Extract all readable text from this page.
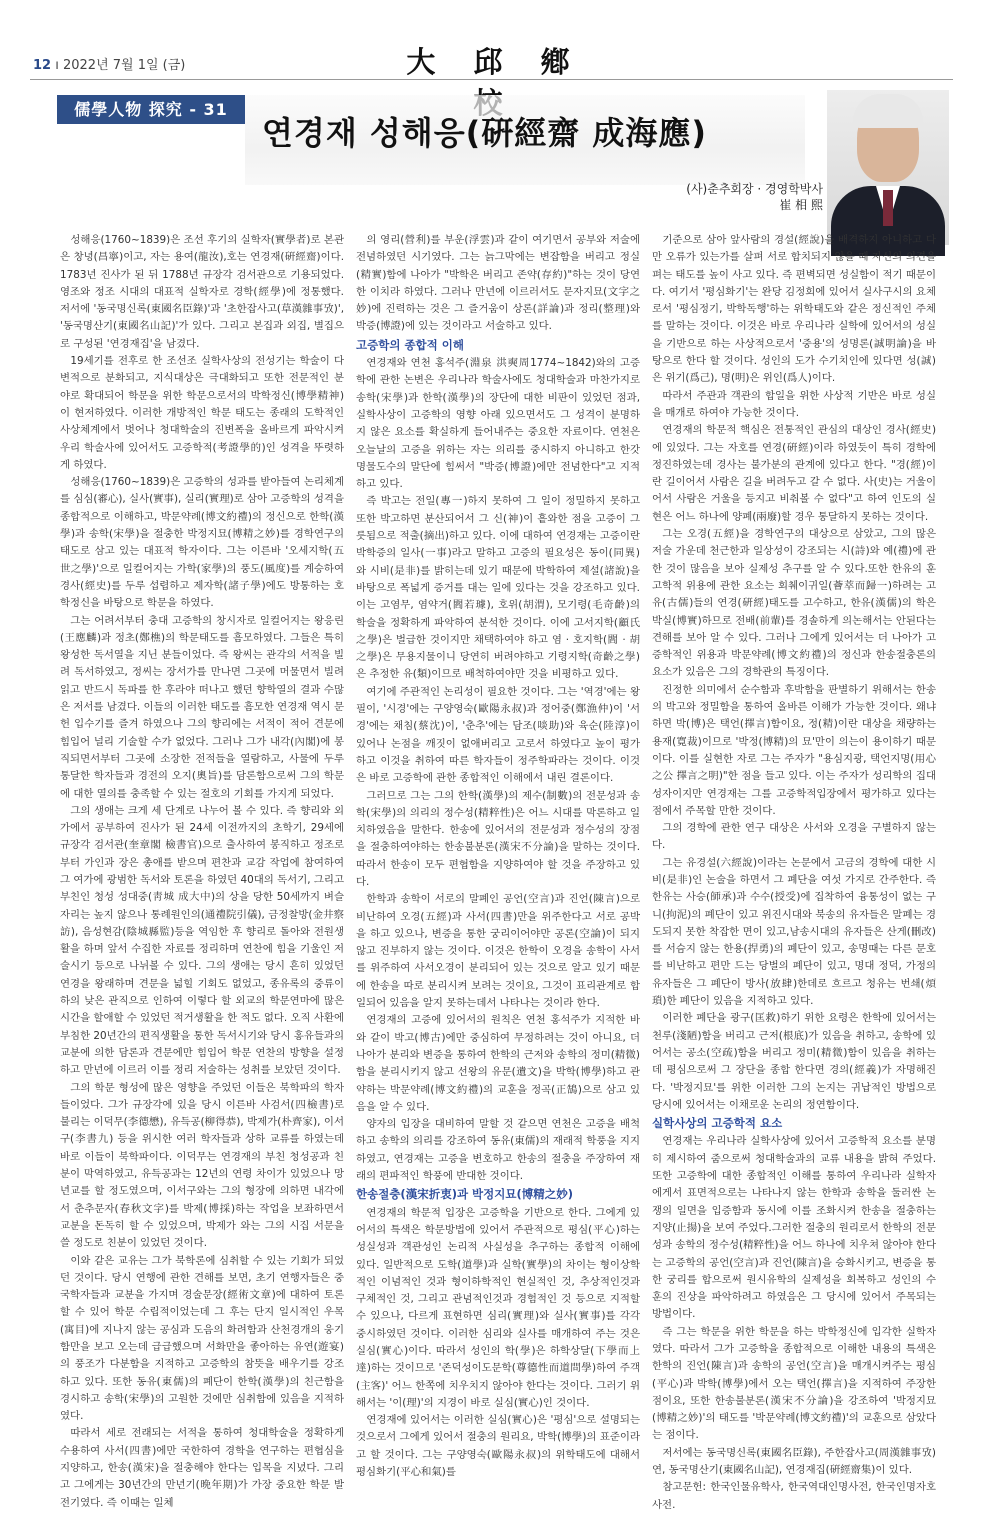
12 ı 2022년 7월 1일 (금)	大 邱 鄕
儒學人物 探究 - 31
연경재 성해응(硏經齋 成海應)
(사)춘추회장 · 경영학박사
崔 相 熙

성해응(1760~1839)은 조선 후기의 실학자(實學者)로 본관은 창녕(昌寧)이고, 자는 용여(龍汝),호는 연경재(硏經齋)이다. 1783년 진사가 된 뒤 1788년 규장각 검서관으로 기용되었다. 영조와 정조 시대의 대표적 실학자로 경학(經學)에 정통했다. 저서에 '동국명신록(東國名臣錄)'과 '초한잡사고(草漢雜事攷)', '동국명산기(東國名山記)'가 있다. 그리고 본집과 외집, 별집으로 구성된 '연경재집'을 남겼다.

19세기를 전후로 한 조선조 실학사상의 전성기는 학술이 다변적으로 분화되고, 지식대상은 극대화되고 또한 전문적인 분야로 확대되어 학문을 위한 학문으로서의 박학정신(博學精神)이 현저하였다. 이러한 개방적인 학문 태도는 종래의 도학적인 사상체계에서 벗어나 청대학술의 진변폭을 올바르게 파악시켜 우리 학술사에 있어서도 고증학적(考證學的)인 성격을 뚜렷하게 하였다.

성해응(1760~1839)은 고증학의 성과를 받아들여 논리체계를 심심(審心), 실사(實事), 실리(實理)로 삼아 고증학의 성격을 종합적으로 이해하고, 박문약례(博文約禮)의 정신으로 한학(漢學)과 송학(宋學)을 절충한 박정지묘(博精之妙)를 경학연구의 태도로 삼고 있는 대표적 학자이다. 그는 이른바 '오세지학(五世之學)'으로 일컬어지는 가학(家學)의 풍도(風度)를 계승하여 경사(經史)를 두루 섭렵하고 제자학(諸子學)에도 방통하는 호학정신을 바탕으로 학문을 하였다.

그는 어려서부터 충대 고증학의 창시자로 일컬어지는 왕응린(王應麟)과 정초(鄭樵)의 학문태도를 흠모하였다. 그들은 특히 왕성한 독서열을 지닌 분들이었다. 즉 왕씨는 관각의 서적을 빌려 독서하였고, 정씨는 장서가를 만나면 그곳에 머물면서 빌려 읽고 반드시 독파를 한 후라야 떠나고 했던 향학열의 결과 수많은 저서를 남겼다. 이들의 이러한 태도를 흠모한 연경재 역시 문헌 입수기를 즐겨 하였으나 그의 향리에는 서적이 적어 견문에 힘입어 널리 기술할 수가 없었다. 그러나 그가 내각(內閣)에 봉직되면서부터 그곳에 소장한 전적들을 열람하고, 사물에 두루 통달한 학자들과 경전의 오지(奧旨)를 담론함으로써 그의 학문에 대한 열의를 충족할 수 있는 절호의 기회를 가지게 되었다.

그의 생애는 크게 세 단계로 나누어 볼 수 있다. 즉 향리와 외가에서 공부하여 진사가 된 24세 이전까지의 초학기, 29세에 규장각 검서관(奎章閣 檢書官)으로 출사하여 봉직하고 정조로부터 가인과 장은 총애를 받으며 편찬과 교감 작업에 참여하여 그 여가에 광범한 독서와 토론을 하였던 40대의 독서기, 그리고 부친인 청성 성대중(靑城 成大中)의 상을 당한 50세까지 벼슬자리는 높지 않으나 통례원인의(通禮院引儀), 금정찰방(金井察訪), 음성현감(陰城縣監)등을 역임한 후 향리로 돌아와 전원생활을 하며 앞서 수집한 자료를 정리하며 연찬에 힘을 기울인 저술시기 등으로 나뉘볼 수 있다. 그의 생애는 당시 흔히 있었던 연경을 왕래하며 견문을 넓힐 기회도 없었고, 종유록의 중류이하의 낮은 관직으로 인하여 이렇다 할 외교의 학문연마에 많은 시간을 할애할 수 있었던 적거생활을 한 적도 없다. 오직 사환에 부침한 20년간의 편직생활을 통한 독서시기와 당시 홍유들과의 교분에 의한 담론과 견문에만 힘입어 학문 연찬의 방향을 설정하고 만년에 이르러 이를 정리 저술하는 성취를 보았던 것이다.

그의 학문 형성에 많은 영향을 주었던 이들은 북학파의 학자들이었다. 그가 규장각에 있을 당시 이른바 사검서(四檢書)로 불리는 이덕무(李德懋), 유득공(柳得恭), 박제가(朴齊家), 이서구(李書九) 등을 위시한 여러 학자들과 상하 교류를 하였는데 바로 이들이 북학파이다. 이덕무는 연경재의 부친 청성공과 친분이 막역하였고, 유득공과는 12년의 연령 차이가 있었으나 망년교를 할 정도였으며, 이서구와는 그의 형장에 의하면 내각에서 춘추문자(春秋文字)를 박제(博採)하는 작업을 보좌하면서 교분을 돈독히 할 수 있었으며, 박제가 와는 그의 시집 서문을 쓸 정도로 친분이 있었던 것이다.

이와 같은 교유는 그가 북학론에 심취할 수 있는 기회가 되었던 것이다. 당시 연행에 관한 견해를 보면, 초기 연행자들은 중국학자들과 교분을 가지며 경술문장(經術文章)에 대하여 토론할 수 있어 학문 수립적이었는데 그 후는 단지 일시적인 우목(寓目)에 지나지 않는 공심과 도음의 화려함과 산천경개의 웅기함만을 보고 오는데 급급했으며 서화만을 좋아하는 유연(遊宴)의 풍조가 다분함을 지적하고 고증학의 참뜻을 배우기를 강조하고 있다. 또한 동유(東儒)의 폐단이 한학(漢學)의 친근함을 경시하고 송학(宋學)의 고원한 것에만 심취함에 있음을 지적하였다.

따라서 세로 전래되는 서적을 통하여 청대학술을 정확하게 수용하여 사서(四書)에만 국한하여 경학을 연구하는 편협심을 지양하고, 한송(漢宋)을 절충해야 한다는 입목을 지녔다. 그리고 그에게는 30년간의 만년기(晩年期)가 가장 중요한 학문 발전기였다. 즉 이때는 일체

의 영리(營利)를 부운(浮雲)과 같이 여기면서 공부와 저술에 전념하였던 시기였다. 그는 늙그막에는 변잡함을 버리고 정실(精實)함에 나아가 "박학은 버리고 존약(存約)"하는 것이 당연한 이치라 하였다. 그러나 만년에 이르러서도 문자지묘(文字之妙)에 진력하는 것은 그 즐거움이 상론(詳論)과 정리(整理)와 박증(博證)에 있는 것이라고 서술하고 있다.

고증학의 종합적 이해

연경재와 연천 홍석주(淵泉 洪奭周1774~1842)와의 고증학에 관한 논변은 우리나라 학술사에도 청대학술과 마찬가지로 송학(宋學)과 한학(漢學)의 장단에 대한 비판이 있었던 점과, 실학사상이 고증학의 영향 아래 있으면서도 그 성격이 분명하지 않은 요소를 확실하게 들어내주는 중요한 자료이다. 연천은 오늘날의 고증을 위하는 자는 의리를 중시하지 아니하고 한갓 명물도수의 말단에 힘써서 "박증(博證)에만 전념한다"고 지적하고 있다.

즉 박고는 전일(專一)하지 못하여 그 일이 정밀하지 못하고 또한 박고하면 분산되어서 그 신(神)이 흩와한 점을 고증이 그릇됨으로 적출(摘出)하고 있다. 이에 대하여 연경재는 고증이란 박학증의 일사(一事)라고 말하고 고증의 필요성은 동이(同異)와 시비(是非)를 밝히는데 있기 때문에 박학하여 제설(諸說)을 바탕으로 폭넓게 증거를 대는 일에 있다는 것을 강조하고 있다. 이는 고염무, 염약거(閻若璩), 호위(胡渭), 모기령(毛奇齡)의 학술을 정확하게 파악하여 분석한 것이다. 이에 고서지학(顧氏之學)은 벌급한 것이지만 채택하여야 하고 염 · 호지학(閻 · 胡之學)은 무용지물이니 당연히 버려야하고 기령지학(奇齡之學)은 추정한 유(類)이므로 배척하여야만 것을 비평하고 있다.

여기에 주관적인 논리성이 필요한 것이다. 그는 '역경'에는 왕필이, '시경'에는 구양영숙(歐陽永叔)과 정어중(鄭漁仲)이 '서경'에는 채침(蔡沈)이, '춘추'에는 담조(啖助)와 육순(陸淳)이 있어나 논점을 깨짓이 없애버리고 고로서 하였다고 높이 평가하고 이것을 취하여 따른 학자들이 정주학파라는 것이다. 이것은 바로 고증학에 관한 종합적인 이해에서 내린 결론이다.

그러므로 그는 그의 한학(漢學)의 제수(制數)의 전문성과 송학(宋學)의 의리의 정수성(精粹性)은 어느 시대를 막론하고 일치하였음을 말한다. 한송에 있어서의 전문성과 정수성의 장점을 절충하여야하는 한송불분론(漢宋不分論)을 말하는 것이다. 따라서 한송이 모두 편협함을 지양하여야 할 것을 주장하고 있다.

한학과 송학이 서로의 말폐인 공언(空言)과 진언(陳言)으로 비난하여 오경(五經)과 사서(四書)만을 위주한다고 서로 공박을 하고 있으나, 변증을 통한 궁리이어야만 공론(空論)이 되지 않고 진부하지 않는 것이다. 이것은 한학이 오경을 송학이 사서를 위주하여 사서오경이 분리되어 있는 것으로 알고 있기 때문에 한송을 따로 분리시켜 보려는 것이요, 그것이 표리관계로 합일되어 있음을 알지 못하는데서 나타나는 것이라 한다.

연경재의 고증에 있어서의 원칙은 연천 홍석주가 지적한 바와 같이 박고(博古)에만 중심하여 무정하려는 것이 아니요, 더 나아가 분리와 변증을 통하여 한학의 근저와 송학의 정미(精微)함을 분리시키지 않고 선왕의 유문(遺文)을 박학(博學)하고 관약하는 박문약례(博文約禮)의 교훈을 정곡(正鵠)으로 삼고 있음을 알 수 있다.

양자의 입장을 대비하여 말할 것 같으면 연천은 고증을 배척하고 송학의 의리를 강조하여 동유(東儒)의 재래적 학풍을 지지하였고, 연경재는 고증을 변호하고 한송의 절충을 주장하여 재래의 편파적인 학풍에 반대한 것이다.

한송절충(漢宋折衷)과 박정지묘(博精之妙)

연경재의 학문적 입장은 고증학을 기반으로 한다. 그에게 있어서의 특색은 학문방법에 있어서 주관적으로 평심(平心)하는 성실성과 객관성인 논리적 사실성을 추구하는 종합적 이해에 있다. 일반적으로 도학(道學)과 실학(實學)의 차이는 형이상학적인 이념적인 것과 형이하학적인 현실적인 것, 추상적인것과 구체적인 것, 그리고 관념적인것과 경험적인 것 등으로 지적할 수 있으나, 다르게 표현하면 심리(實理)와 실사(實事)를 각각 중시하였던 것이다. 이러한 심리와 실사를 매개하여 주는 것은 실심(實心)이다. 따라서 성인의 학(學)은 하학상달(下學而上達)하는 것이므로 '존덕성이도문학(尊德性而道問學)하여 주객(主客)' 어느 한쪽에 치우치지 않아야 한다는 것이다. 그러기 위해서는 '이(理)'의 지경이 바로 실심(實心)인 것이다.

연경재에 있어서는 이러한 실심(實心)은 '평심'으로 설명되는 것으로서 그에게 있어서 절충의 원리요, 박학(博學)의 표준이라고 할 것이다. 그는 구양영숙(歐陽永叔)의 위학태도에 대해서 평심화기(平心和氣)를

기준으로 삼아 앞사람의 경설(經說)을 배격하지 아니하고 다만 오류가 있는가를 살펴 서로 합치되지 않을 때 자신의 의견을 펴는 태도를 높이 사고 있다. 즉 편벽되면 성실함이 적기 때문이다. 여기서 '평심화기'는 완당 김정희에 있어서 실사구시의 요체로서 '평심정기, 박학독행'하는 위학태도와 같은 정신적인 주체를 말하는 것이다. 이것은 바로 우리나라 실학에 있어서의 성실을 기반으로 하는 사상적으로서 '중용'의 성명론(誠明論)을 바탕으로 한다 할 것이다. 성인의 도가 수기치인에 있다면 성(誠)은 위기(爲己), 명(明)은 위인(爲人)이다.

따라서 주관과 객관의 합일을 위한 사상적 기반은 바로 성실을 매개로 하여야 가능한 것이다.

연경재의 학문적 핵심은 전통적인 관심의 대상인 경사(經史)에 있었다. 그는 자호를 연경(硏經)이라 하였듯이 특히 경학에 정진하였는데 경사는 불가분의 관계에 있다고 한다. "경(經)이란 길이어서 사람은 길을 버려두고 갈 수 없다. 사(史)는 거울이어서 사람은 거울을 등지고 비춰볼 수 없다"고 하여 인도의 실현은 어느 하나에 양폐(兩廢)할 경우 통달하지 못하는 것이다.

그는 오경(五經)을 경학연구의 대상으로 삼았고, 그의 많은 저술 가운데 천근한과 일상성이 강조되는 시(詩)와 예(禮)에 관한 것이 많음을 보아 실제성 추구를 알 수 있다.또한 한유의 훈고학적 위용에 관한 요소는 회췌이귀일(薈萃而歸一)하려는 고유(古儒)들의 연경(硏經)태도를 고수하고, 한유(漢儒)의 학은 박실(博實)하므로 전배(前輩)를 경솔하게 의논해서는 안된다는 견해를 보아 알 수 있다. 그러나 그에게 있어서는 더 나아가 고증학적인 위용과 박문약례(博文約禮)의 정신과 한송절충론의 요소가 있음은 그의 경학관의 특징이다.

진정한 의미에서 순수함과 후박함을 판별하기 위해서는 한송의 박고와 정밀함을 통하여 올바른 이해가 가능한 것이다. 왜냐하면 박(博)은 택언(擇言)함이요, 정(精)이란 대상을 채량하는 용재(寛裁)이므로 '박정(博精)의 묘'만이 의는이 용이하기 때문이다. 이를 실현한 자로 그는 주자가 "용심지광, 택언지명(用心之公 擇言之明)"한 점을 들고 있다. 이는 주자가 성리학의 집대성자이지만 연경재는 그를 고증학적입장에서 평가하고 있다는 점에서 주목할 만한 것이다.

그의 경학에 관한 연구 대상은 사서와 오경을 구별하지 않는다.

그는 유경설(六經說)이라는 논문에서 고금의 경학에 대한 시비(是非)인 논술을 하면서 그 폐단을 여섯 가지로 간주한다. 즉 한유는 사승(師承)과 수수(授受)에 집착하여 융통성이 없는 구니(拘泥)의 폐단이 있고 위진시대와 북송의 유자들은 말폐는 경도되지 못한 착잡한 면이 있고,남송시대의 유자들은 산게(刪改)를 서슴지 않는 한용(捍勇)의 폐단이 있고, 송명때는 다른 문호를 비난하고 편만 드는 당벌의 폐단이 있고, 명대 정덕, 가정의 유자들은 그 폐단이 방사(放肆)한데로 흐르고 청유는 번쇄(煩瑣)한 폐단이 있음을 지적하고 있다.

이러한 폐단을 광구(匡救)하기 위한 요령은 한학에 있어서는 천루(淺陋)함을 버리고 근저(根底)가 있음을 취하고, 송학에 있어서는 공소(空疏)함을 버리고 정미(精微)함이 있음을 취하는데 평심으로써 그 장단을 종합 한다면 경의(經義)가 자명해진다. '박정지묘'를 위한 이러한 그의 논지는 귀납적인 방법으로 당시에 있어서는 이채로운 논리의 정연함이다.

실학사상의 고증학적 요소

연경재는 우리나라 실학사상에 있어서 고증학적 요소를 분명히 제시하여 줌으로써 청대학술과의 교류 내용을 밝혀 주었다. 또한 고증학에 대한 종합적인 이해를 통하여 우리나라 실학자에게서 표면적으로는 나타나지 않는 한학과 송학을 둘러싼 논쟁의 일면을 입증함과 동시에 이를 조화시켜 한송을 절충하는 지양(止揚)을 보여 주었다.그러한 절충의 원리로서 한학의 전문성과 송학의 정수성(精粹性)을 어느 하나에 치우쳐 않아야 한다는 고증학의 공언(空言)과 진언(陳言)을 승화시키고, 변증을 통한 궁리를 합으로써 원시유학의 실제성을 회복하고 성인의 수훈의 진상을 파악하려고 하였음은 그 당시에 있어서 주목되는 방법이다.

즉 그는 학문을 위한 학문을 하는 박학정신에 입각한 실학자였다. 따라서 그가 고증학을 종합적으로 이해한 내용의 특색은 한학의 진언(陳言)과 송학의 공언(空言)을 매개시켜주는 평심(平心)과 박학(博學)에서 오는 택언(擇言)을 지적하여 주장한 점이요, 또한 한송불분론(漢宋不分論)을 강조하여 '박정지묘(博精之妙)'의 태도를 '박문약례(博文約禮)'의 교훈으로 삼았다는 점이다.

저서에는 동국명신록(東國名臣錄), 주한잡사고(周漢雜事攷)연, 동국명산기(東國名山記), 연경재집(硏經齋集)이 있다.

참고문헌: 한국인물유학사, 한국역대인명사전, 한국인명자호사전.
